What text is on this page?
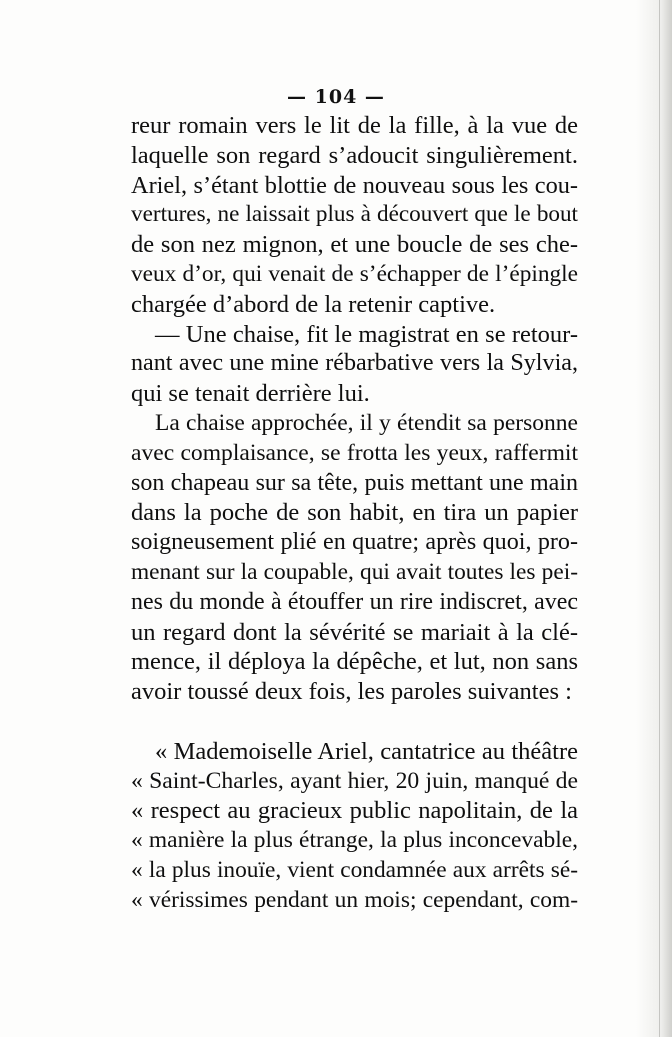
— 104 —
reur romain vers le lit de la fille, à la vue de
laquelle son regard s’adoucit singulièrement.
Ariel, s’étant blottie de nouveau sous les cou-
vertures, ne laissait plus à découvert que le bout
de son nez mignon, et une boucle de ses che-
veux d’or, qui venait de s’échapper de l’épingle
chargée d’abord de la retenir captive.
— Une chaise, fit le magistrat en se retour-
nant avec une mine rébarbative vers la Sylvia,
qui se tenait derrière lui.
La chaise approchée, il y étendit sa personne
avec complaisance, se frotta les yeux, raffermit
son chapeau sur sa tête, puis mettant une main
dans la poche de son habit, en tira un papier
soigneusement plié en quatre; après quoi, pro-
menant sur la coupable, qui avait toutes les pei-
nes du monde à étouffer un rire indiscret, avec
un regard dont la sévérité se mariait à la clé-
mence, il déploya la dépêche, et lut, non sans
avoir toussé deux fois, les paroles suivantes :
« Mademoiselle Ariel, cantatrice au théâtre
« Saint-Charles, ayant hier, 20 juin, manqué de
« respect au gracieux public napolitain, de la
« manière la plus étrange, la plus inconcevable,
« la plus inouïe, vient condamnée aux arrêts sé-
« vérissimes pendant un mois; cependant, com-
